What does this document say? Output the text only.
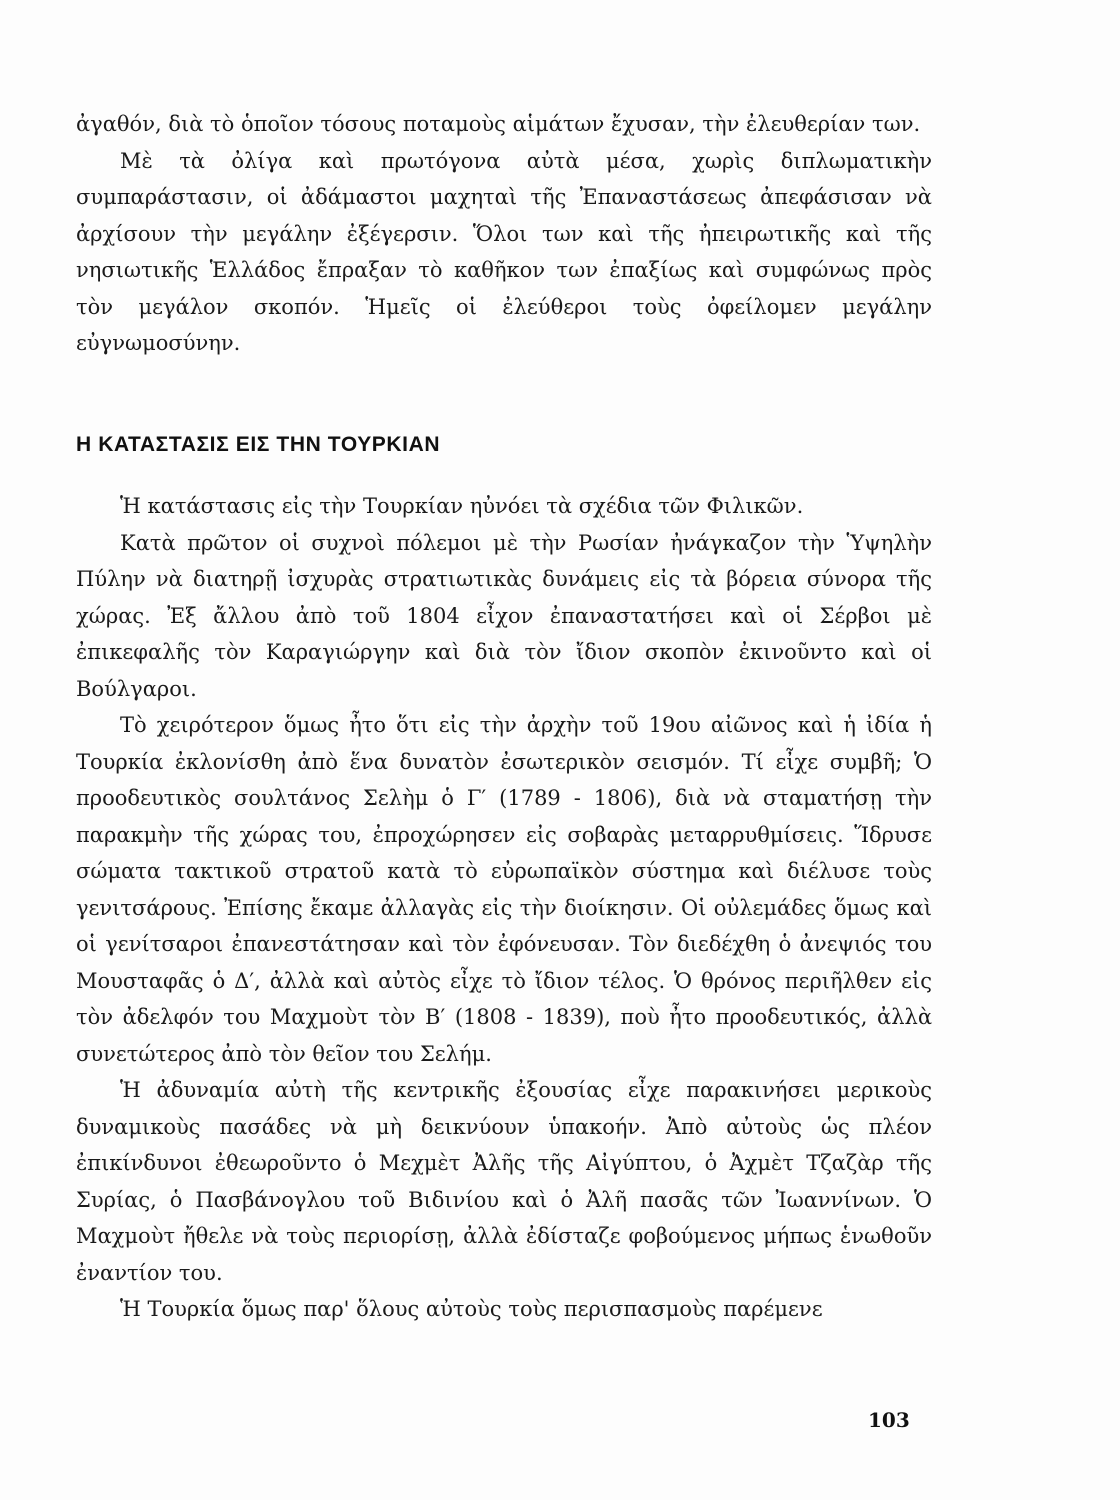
ἀγαθόν, διὰ τὸ ὁποῖον τόσους ποταμοὺς αἱμάτων ἔχυσαν, τὴν ἐλευθερίαν των.

Μὲ τὰ ὀλίγα καὶ πρωτόγονα αὐτὰ μέσα, χωρὶς διπλωματικὴν συμπαράστασιν, οἱ ἀδάμαστοι μαχηταὶ τῆς Ἐπαναστάσεως ἀπεφάσισαν νὰ ἀρχίσουν τὴν μεγάλην ἐξέγερσιν. Ὅλοι των καὶ τῆς ἠπειρωτικῆς καὶ τῆς νησιωτικῆς Ἑλλάδος ἔπραξαν τὸ καθῆκον των ἐπαξίως καὶ συμφώνως πρὸς τὸν μεγάλον σκοπόν. Ἡμεῖς οἱ ἐλεύθεροι τοὺς ὀφείλομεν μεγάλην εὐγνωμοσύνην.

Η ΚΑΤΑΣΤΑΣΙΣ ΕΙΣ ΤΗΝ ΤΟΥΡΚΙΑΝ

Ἡ κατάστασις εἰς τὴν Τουρκίαν ηὐνόει τὰ σχέδια τῶν Φιλικῶν.

Κατὰ πρῶτον οἱ συχνοὶ πόλεμοι μὲ τὴν Ρωσίαν ἠνάγκαζον τὴν Ὑψηλὴν Πύλην νὰ διατηρῇ ἰσχυρὰς στρατιωτικὰς δυνάμεις εἰς τὰ βόρεια σύνορα τῆς χώρας. Ἐξ ἄλλου ἀπὸ τοῦ 1804 εἶχον ἐπαναστατήσει καὶ οἱ Σέρβοι μὲ ἐπικεφαλῆς τὸν Καραγιώργην καὶ διὰ τὸν ἴδιον σκοπὸν ἐκινοῦντο καὶ οἱ Βούλγαροι.

Τὸ χειρότερον ὅμως ἦτο ὅτι εἰς τὴν ἀρχὴν τοῦ 19ου αἰῶνος καὶ ἡ ἰδία ἡ Τουρκία ἐκλονίσθη ἀπὸ ἕνα δυνατὸν ἐσωτερικὸν σεισμόν. Τί εἶχε συμβῆ; Ὁ προοδευτικὸς σουλτάνος Σελὴμ ὁ Γ′ (1789 - 1806), διὰ νὰ σταματήσῃ τὴν παρακμὴν τῆς χώρας του, ἐπροχώρησεν εἰς σοβαρὰς μεταρρυθμίσεις. Ἵδρυσε σώματα τακτικοῦ στρατοῦ κατὰ τὸ εὐρωπαϊκὸν σύστημα καὶ διέλυσε τοὺς γενιτσάρους. Ἐπίσης ἔκαμε ἀλλαγὰς εἰς τὴν διοίκησιν. Οἱ οὐλεμάδες ὅμως καὶ οἱ γενίτσαροι ἐπανεστάτησαν καὶ τὸν ἐφόνευσαν. Τὸν διεδέχθη ὁ ἀνεψιός του Μουσταφᾶς ὁ Δ′, ἀλλὰ καὶ αὐτὸς εἶχε τὸ ἴδιον τέλος. Ὁ θρόνος περιῆλθεν εἰς τὸν ἀδελφόν του Μαχμοὺτ τὸν Β′ (1808 - 1839), ποὺ ἦτο προοδευτικός, ἀλλὰ συνετώτερος ἀπὸ τὸν θεῖον του Σελήμ.

Ἡ ἀδυναμία αὐτὴ τῆς κεντρικῆς ἐξουσίας εἶχε παρακινήσει μερικοὺς δυναμικοὺς πασάδες νὰ μὴ δεικνύουν ὑπακοήν. Ἀπὸ αὐτοὺς ὡς πλέον ἐπικίνδυνοι ἐθεωροῦντο ὁ Μεχμὲτ Ἀλῆς τῆς Αἰγύπτου, ὁ Ἀχμὲτ Τζαζὰρ τῆς Συρίας, ὁ Πασβάνογλου τοῦ Βιδινίου καὶ ὁ Ἀλῆ πασᾶς τῶν Ἰωαννίνων. Ὁ Μαχμοὺτ ἤθελε νὰ τοὺς περιορίσῃ, ἀλλὰ ἐδίσταζε φοβούμενος μήπως ἑνωθοῦν ἐναντίον του.

Ἡ Τουρκία ὅμως παρ' ὅλους αὐτοὺς τοὺς περισπασμοὺς παρέμενε

103
